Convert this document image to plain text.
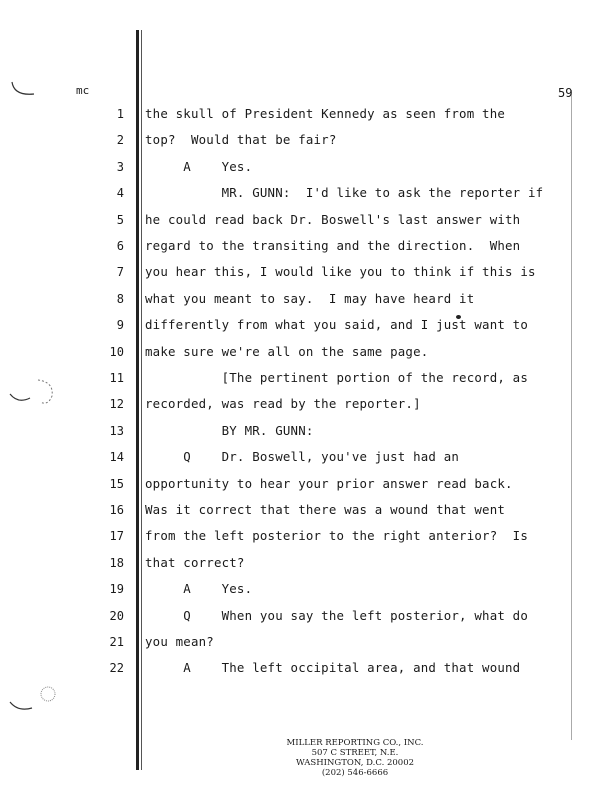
mc	59
1 the skull of President Kennedy as seen from the
2 top?  Would that be fair?
3 A    Yes.
4 MR. GUNN:  I'd like to ask the reporter if
5 he could read back Dr. Boswell's last answer with
6 regard to the transiting and the direction.  When
7 you hear this, I would like you to think if this is
8 what you meant to say.  I may have heard it
9 differently from what you said, and I just want to
10 make sure we're all on the same page.
11 [The pertinent portion of the record, as
12 recorded, was read by the reporter.]
13 BY MR. GUNN:
14 Q    Dr. Boswell, you've just had an
15 opportunity to hear your prior answer read back.
16 Was it correct that there was a wound that went
17 from the left posterior to the right anterior?  Is
18 that correct?
19 A    Yes.
20 Q    When you say the left posterior, what do
21 you mean?
22 A    The left occipital area, and that wound
MILLER REPORTING CO., INC.
507 C STREET, N.E.
WASHINGTON, D.C. 20002
(202) 546-6666
